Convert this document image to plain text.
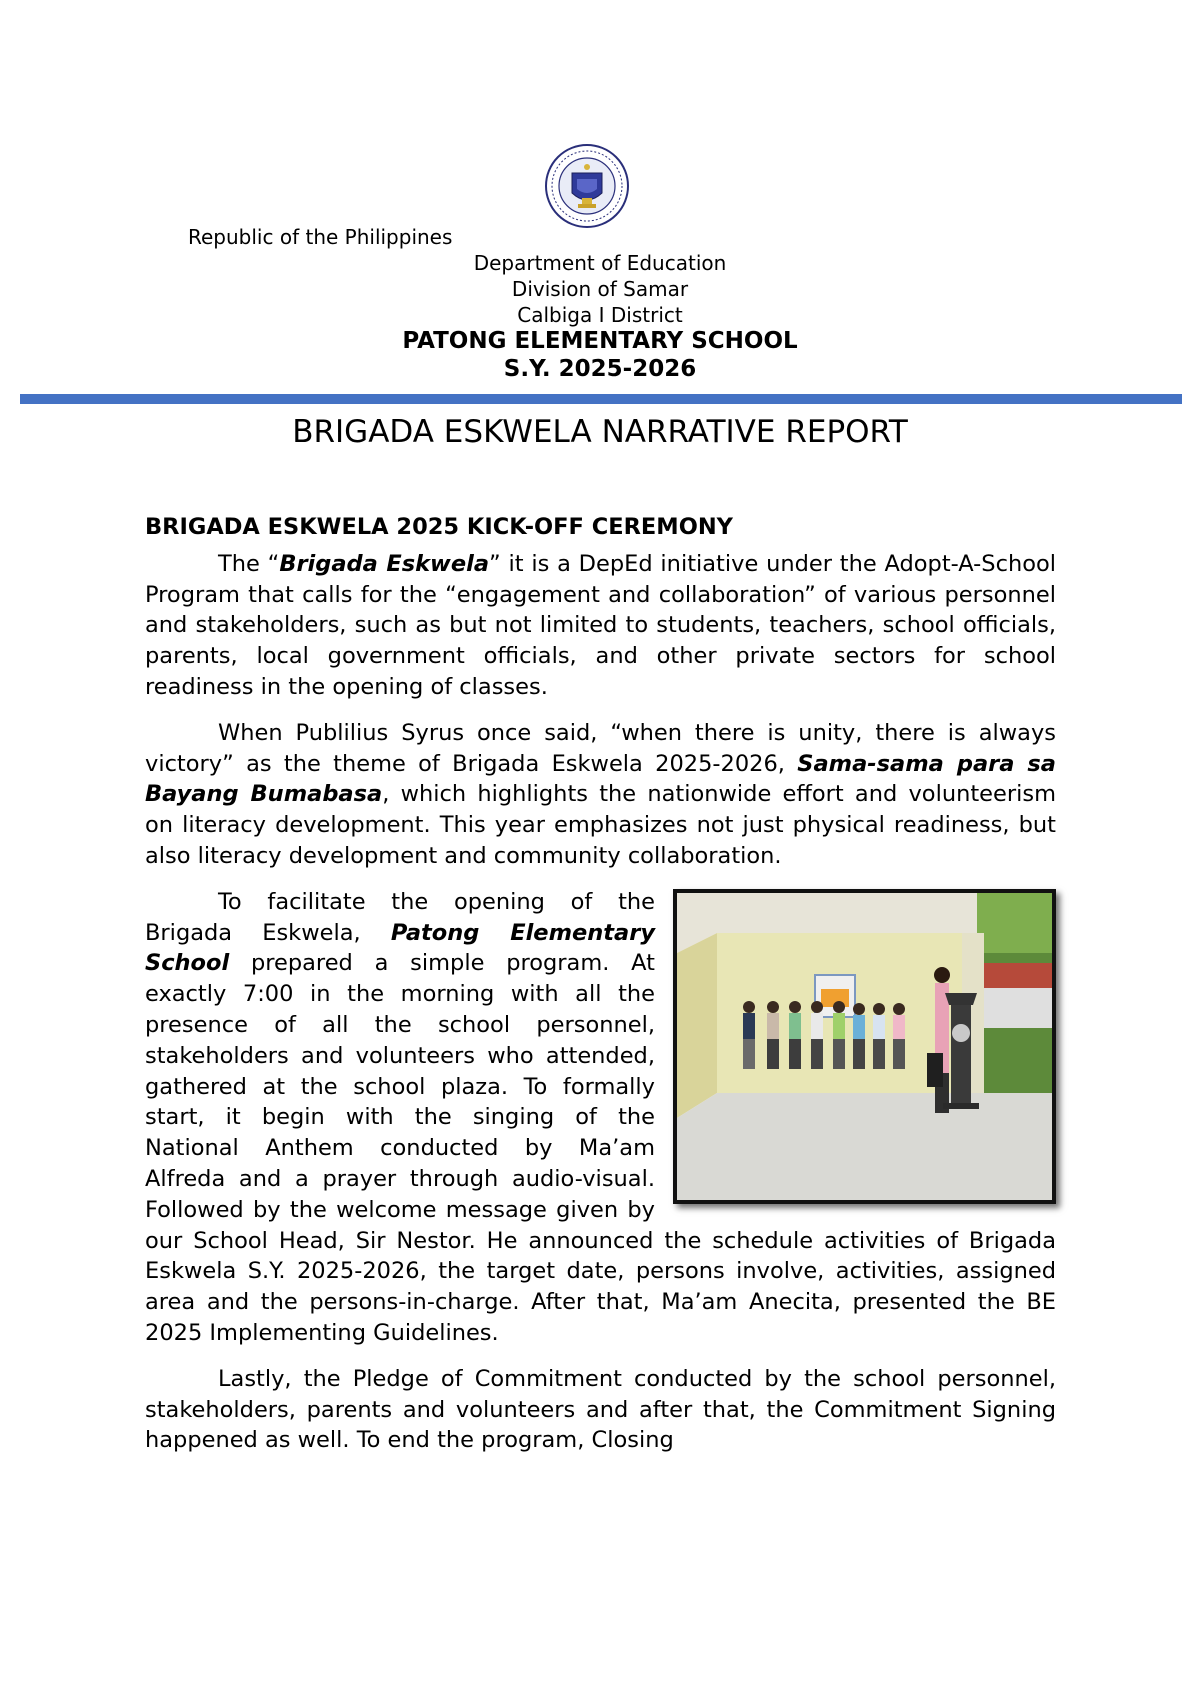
Republic of the Philippines
Department of Education
Division of Samar
Calbiga I District
PATONG ELEMENTARY SCHOOL
S.Y. 2025-2026
BRIGADA ESKWELA NARRATIVE REPORT
BRIGADA ESKWELA 2025 KICK-OFF CEREMONY

The “Brigada Eskwela” it is a DepEd initiative under the Adopt-A-School Program that calls for the “engagement and collaboration” of various personnel and stakeholders, such as but not limited to students, teachers, school officials, parents, local government officials, and other private sectors for school readiness in the opening of classes.

When Publilius Syrus once said, “when there is unity, there is always victory” as the theme of Brigada Eskwela 2025-2026, Sama-sama para sa Bayang Bumabasa, which highlights the nationwide effort and volunteerism on literacy development. This year emphasizes not just physical readiness, but also literacy development and community collaboration.

To facilitate the opening of the Brigada Eskwela, Patong Elementary School prepared a simple program. At exactly 7:00 in the morning with all the presence of all the school personnel, stakeholders and volunteers who attended, gathered at the school plaza. To formally start, it begin with the singing of the National Anthem conducted by Ma’am Alfreda and a prayer through audio-visual. Followed by the welcome message given by our School Head, Sir Nestor. He announced the schedule activities of Brigada Eskwela S.Y. 2025-2026, the target date, persons involve, activities, assigned area and the persons-in-charge. After that, Ma’am Anecita, presented the BE 2025 Implementing Guidelines.

Lastly, the Pledge of Commitment conducted by the school personnel, stakeholders, parents and volunteers and after that, the Commitment Signing happened as well. To end the program, Closing
